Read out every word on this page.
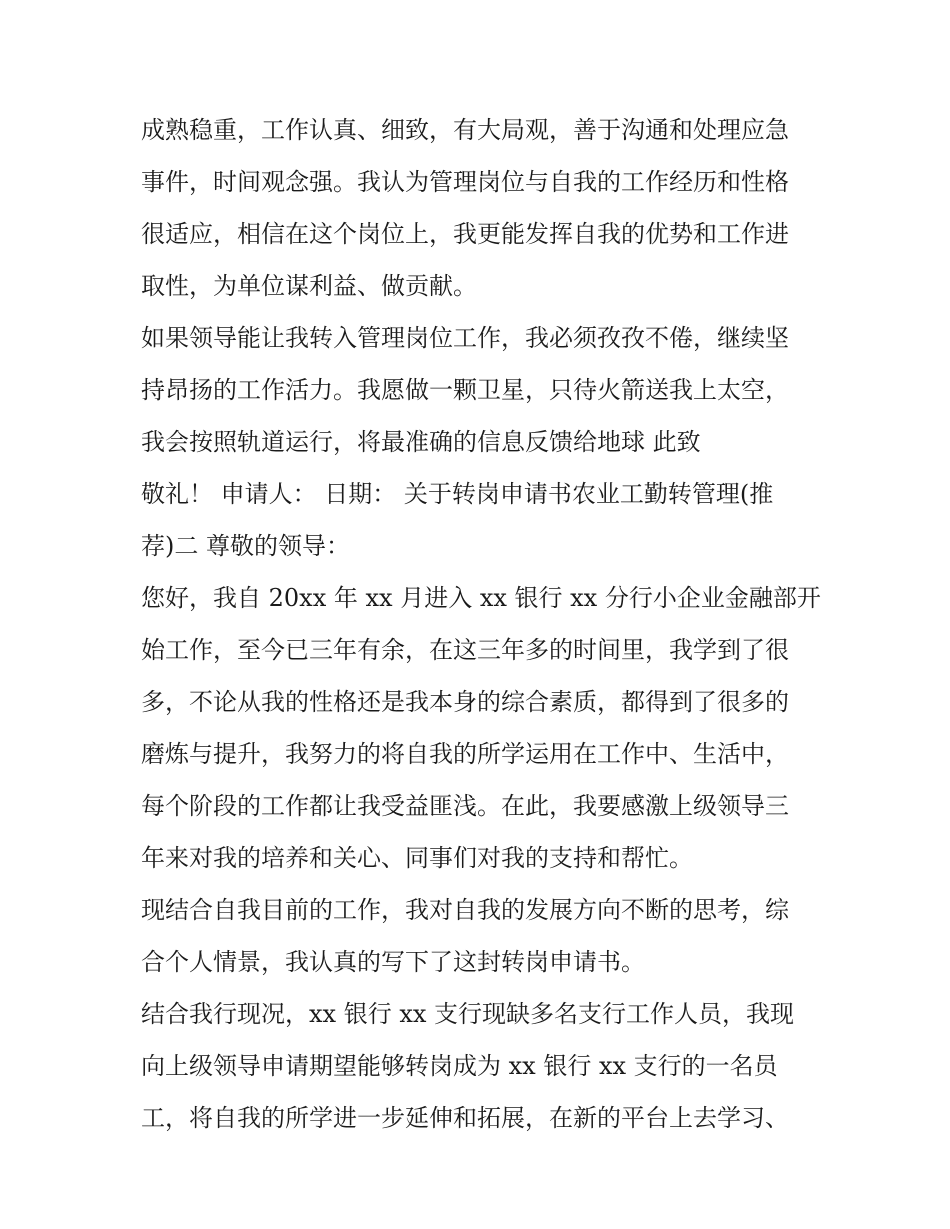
成熟稳重，工作认真、细致，有大局观，善于沟通和处理应急
事件，时间观念强。我认为管理岗位与自我的工作经历和性格
很适应，相信在这个岗位上，我更能发挥自我的优势和工作进
取性，为单位谋利益、做贡献。
如果领导能让我转入管理岗位工作，我必须孜孜不倦，继续坚
持昂扬的工作活力。我愿做一颗卫星，只待火箭送我上太空，
我会按照轨道运行，将最准确的信息反馈给地球 此致
敬礼！ 申请人： 日期： 关于转岗申请书农业工勤转管理(推
荐)二 尊敬的领导：
您好，我自 20xx 年 xx 月进入 xx 银行 xx 分行小企业金融部开
始工作，至今已三年有余，在这三年多的时间里，我学到了很
多，不论从我的性格还是我本身的综合素质，都得到了很多的
磨炼与提升，我努力的将自我的所学运用在工作中、生活中，
每个阶段的工作都让我受益匪浅。在此，我要感激上级领导三
年来对我的培养和关心、同事们对我的支持和帮忙。
现结合自我目前的工作，我对自我的发展方向不断的思考，综
合个人情景，我认真的写下了这封转岗申请书。
结合我行现况，xx 银行 xx 支行现缺多名支行工作人员，我现
向上级领导申请期望能够转岗成为 xx 银行 xx 支行的一名员
工，将自我的所学进一步延伸和拓展，在新的平台上去学习、
